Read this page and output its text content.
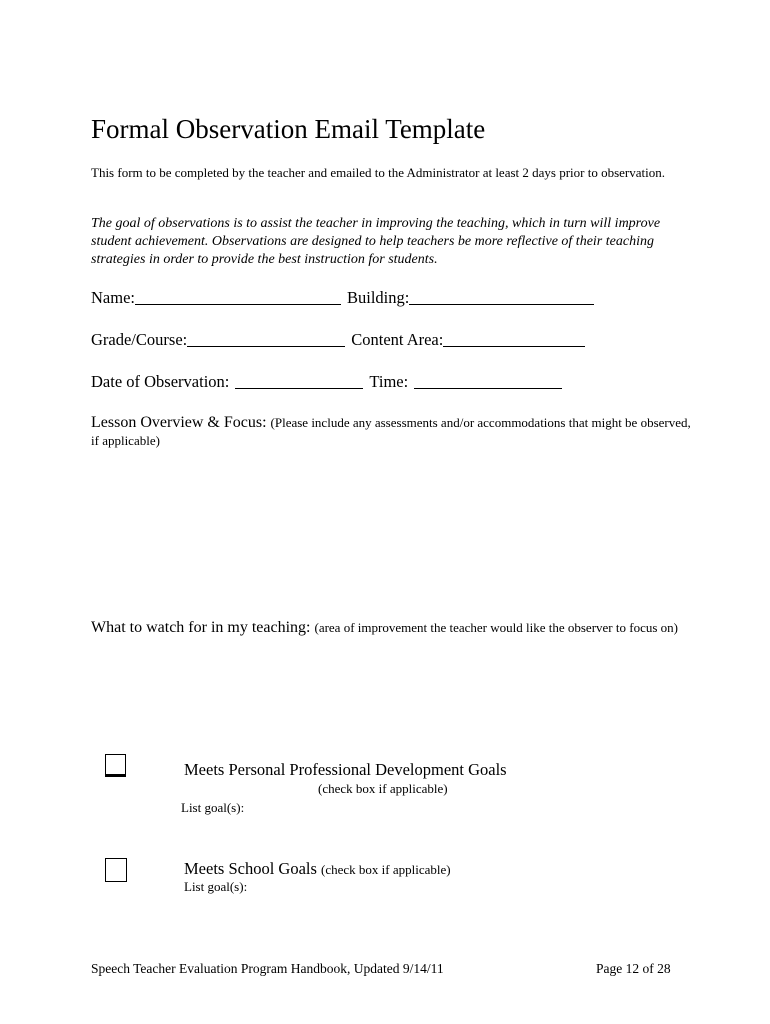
Formal Observation Email Template
This form to be completed by the teacher and emailed to the Administrator at least 2 days prior to observation.
The goal of observations is to assist the teacher in improving the teaching, which in turn will improve student achievement. Observations are designed to help teachers be more reflective of their teaching strategies in order to provide the best instruction for students.
Name:	Building:
Grade/Course:	Content Area:
Date of Observation:	Time:
Lesson Overview & Focus: (Please include any assessments and/or accommodations that might be observed, if applicable)
What to watch for in my teaching: (area of improvement the teacher would like the observer to focus on)
Meets Personal Professional Development Goals
(check box if applicable)
List goal(s):
Meets School Goals (check box if applicable)
List goal(s):
Speech Teacher Evaluation Program Handbook, Updated 9/14/11	Page 12 of 28
